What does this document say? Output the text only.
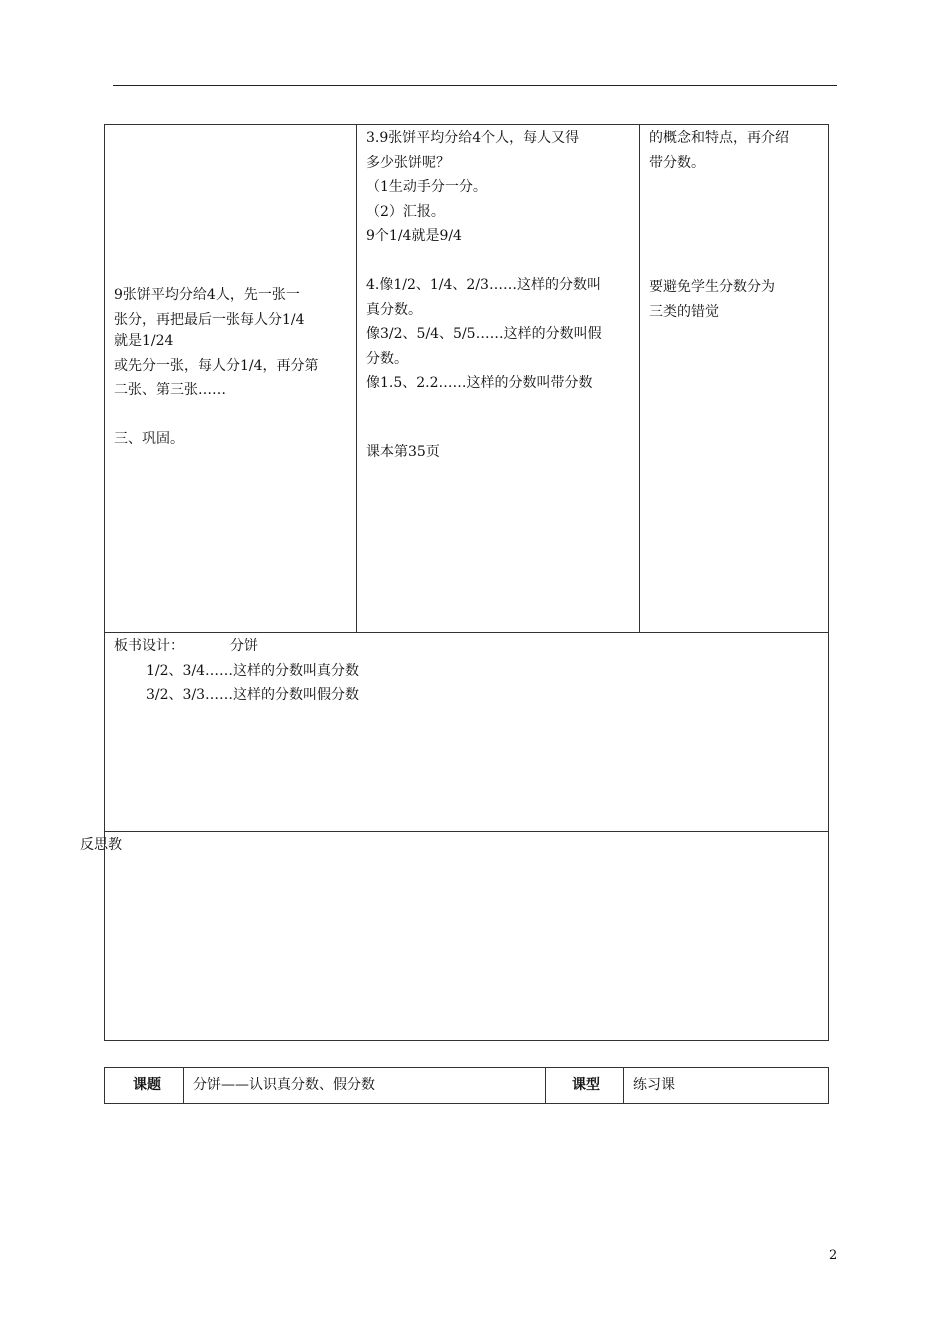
9张饼平均分给4人，先一张一
张分，再把最后一张每人分1/4
就是1/24
或先分一张，每人分1/4，再分第
二张、第三张……
三、巩固。
3.9张饼平均分给4个人，每人又得
多少张饼呢？
（1生动手分一分。
（2）汇报。
9个1/4就是9/4
4.像1/2、1/4、2/3……这样的分数叫
真分数。
像3/2、5/4、5/5……这样的分数叫假
分数。
像1.5、2.2……这样的分数叫带分数
课本第35页
的概念和特点，再介绍
带分数。
要避免学生分数分为
三类的错觉
板书设计：	分饼
1/2、3/4……这样的分数叫真分数
3/2、3/3……这样的分数叫假分数
反思教
课题 分饼——认识真分数、假分数	课型 练习课
2
